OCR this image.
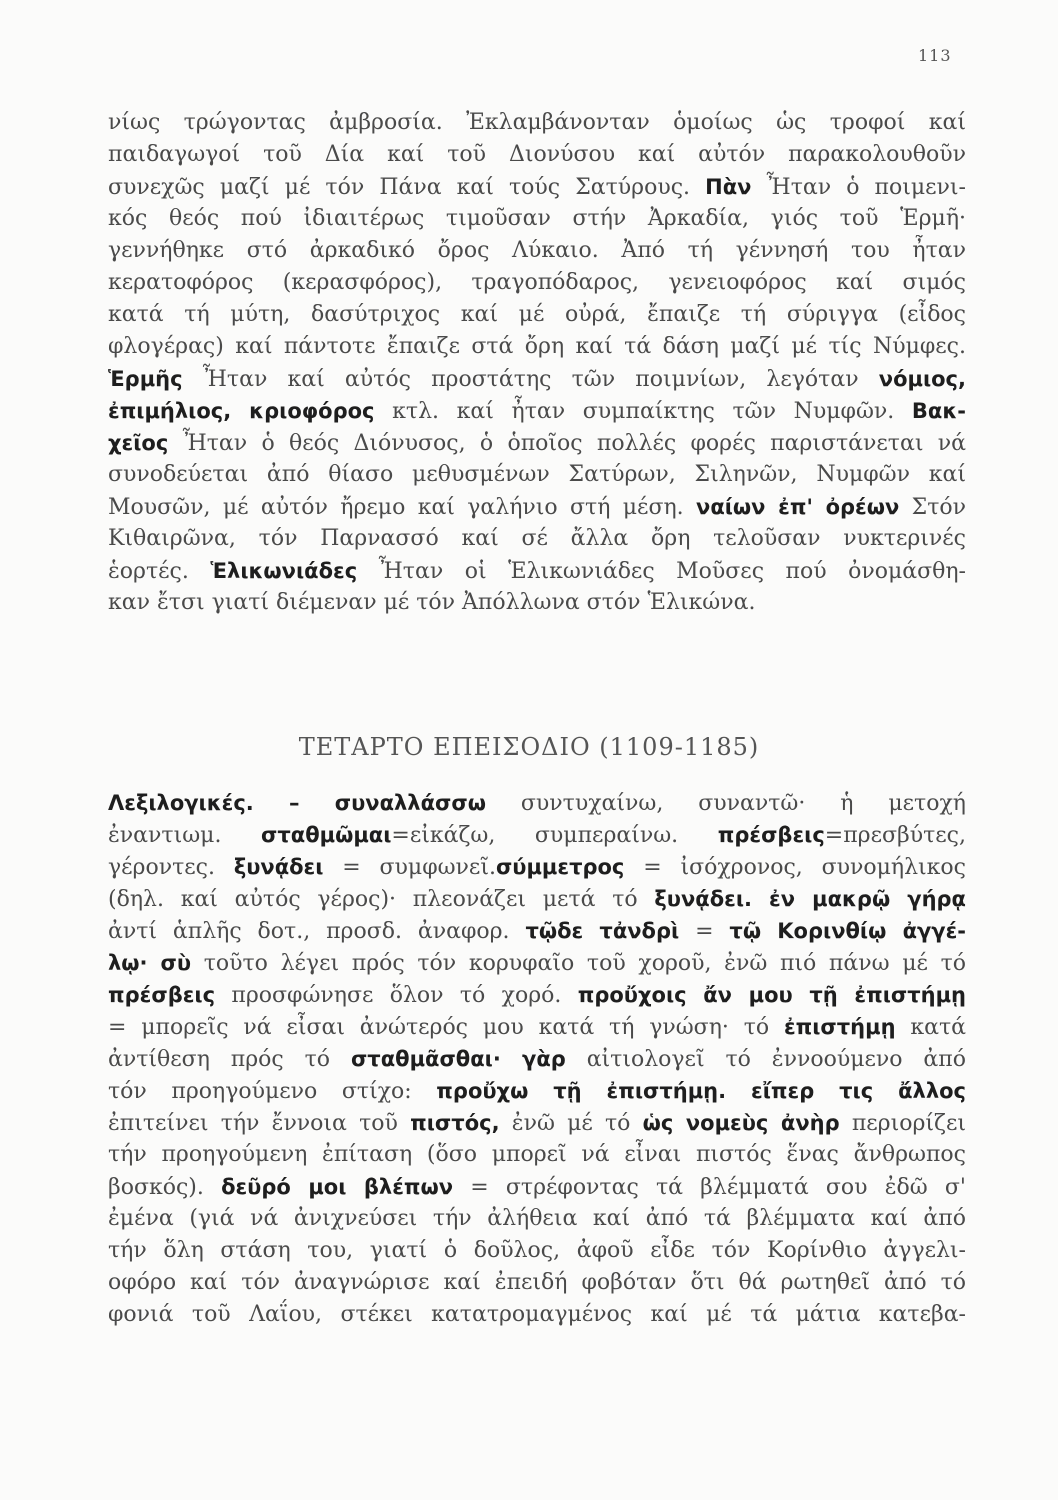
113
νίως τρώγοντας ἀμβροσία. Ἐκλαμβάνονταν ὁμοίως ὡς τροφοί καί
παιδαγωγοί τοῦ Δία καί τοῦ Διονύσου καί αὐτόν παρακολουθοῦν
συνεχῶς μαζί μέ τόν Πάνα καί τούς Σατύρους. Πὰν Ἦταν ὁ ποιμενι-
κός θεός πού ἰδιαιτέρως τιμοῦσαν στήν Ἀρκαδία, γιός τοῦ Ἑρμῆ·
γεννήθηκε στό ἀρκαδικό ὄρος Λύκαιο. Ἀπό τή γέννησή του ἦταν
κερατοφόρος (κερασφόρος), τραγοπόδαρος, γενειοφόρος καί σιμός
κατά τή μύτη, δασύτριχος καί μέ οὐρά, ἔπαιζε τή σύριγγα (εἶδος
φλογέρας) καί πάντοτε ἔπαιζε στά ὄρη καί τά δάση μαζί μέ τίς Νύμφες.
Ἑρμῆς Ἦταν καί αὐτός προστάτης τῶν ποιμνίων, λεγόταν νόμιος,
ἐπιμήλιος, κριοφόρος κτλ. καί ἦταν συμπαίκτης τῶν Νυμφῶν. Βακ-
χεῖος Ἦταν ὁ θεός Διόνυσος, ὁ ὁποῖος πολλές φορές παριστάνεται νά
συνοδεύεται ἀπό θίασο μεθυσμένων Σατύρων, Σιληνῶν, Νυμφῶν καί
Μουσῶν, μέ αὐτόν ἤρεμο καί γαλήνιο στή μέση. ναίων ἐπ' ὀρέων Στόν
Κιθαιρῶνα, τόν Παρνασσό καί σέ ἄλλα ὄρη τελοῦσαν νυκτερινές
ἑορτές. Ἑλικωνιάδες Ἦταν οἱ Ἑλικωνιάδες Μοῦσες πού ὀνομάσθη-
καν ἔτσι γιατί διέμεναν μέ τόν Ἀπόλλωνα στόν Ἑλικώνα.
ΤΕΤΑΡΤΟ ΕΠΕΙΣΟΔΙΟ (1109-1185)
Λεξιλογικές. – συναλλάσσω συντυχαίνω, συναντῶ· ἡ μετοχή
ἐναντιωμ. σταθμῶμαι=εἰκάζω, συμπεραίνω. πρέσβεις=πρεσβύτες,
γέροντες. ξυνᾴδει = συμφωνεῖ.σύμμετρος = ἰσόχρονος, συνομήλικος
(δηλ. καί αὐτός γέρος)· πλεονάζει μετά τό ξυνᾴδει. ἐν μακρῷ γήρᾳ
ἀντί ἁπλῆς δοτ., προσδ. ἀναφορ. τῷδε τἀνδρὶ = τῷ Κορινθίῳ ἀγγέ-
λῳ· σὺ τοῦτο λέγει πρός τόν κορυφαῖο τοῦ χοροῦ, ἐνῶ πιό πάνω μέ τό
πρέσβεις προσφώνησε ὅλον τό χορό. προὔχοις ἄν μου τῇ ἐπιστήμῃ
= μπορεῖς νά εἶσαι ἀνώτερός μου κατά τή γνώση· τό ἐπιστήμῃ κατά
ἀντίθεση πρός τό σταθμᾶσθαι· γὰρ αἰτιολογεῖ τό ἐννοούμενο ἀπό
τόν προηγούμενο στίχο: προὔχω τῇ ἐπιστήμῃ. εἴπερ τις ἄλλος
ἐπιτείνει τήν ἔννοια τοῦ πιστός, ἐνῶ μέ τό ὡς νομεὺς ἀνὴρ περιορίζει
τήν προηγούμενη ἐπίταση (ὅσο μπορεῖ νά εἶναι πιστός ἕνας ἄνθρωπος
βοσκός). δεῦρό μοι βλέπων = στρέφοντας τά βλέμματά σου ἐδῶ σ'
ἐμένα (γιά νά ἀνιχνεύσει τήν ἀλήθεια καί ἀπό τά βλέμματα καί ἀπό
τήν ὅλη στάση του, γιατί ὁ δοῦλος, ἀφοῦ εἶδε τόν Κορίνθιο ἀγγελι-
οφόρο καί τόν ἀναγνώρισε καί ἐπειδή φοβόταν ὅτι θά ρωτηθεῖ ἀπό τό
φονιά τοῦ Λαΐου, στέκει κατατρομαγμένος καί μέ τά μάτια κατεβα-
